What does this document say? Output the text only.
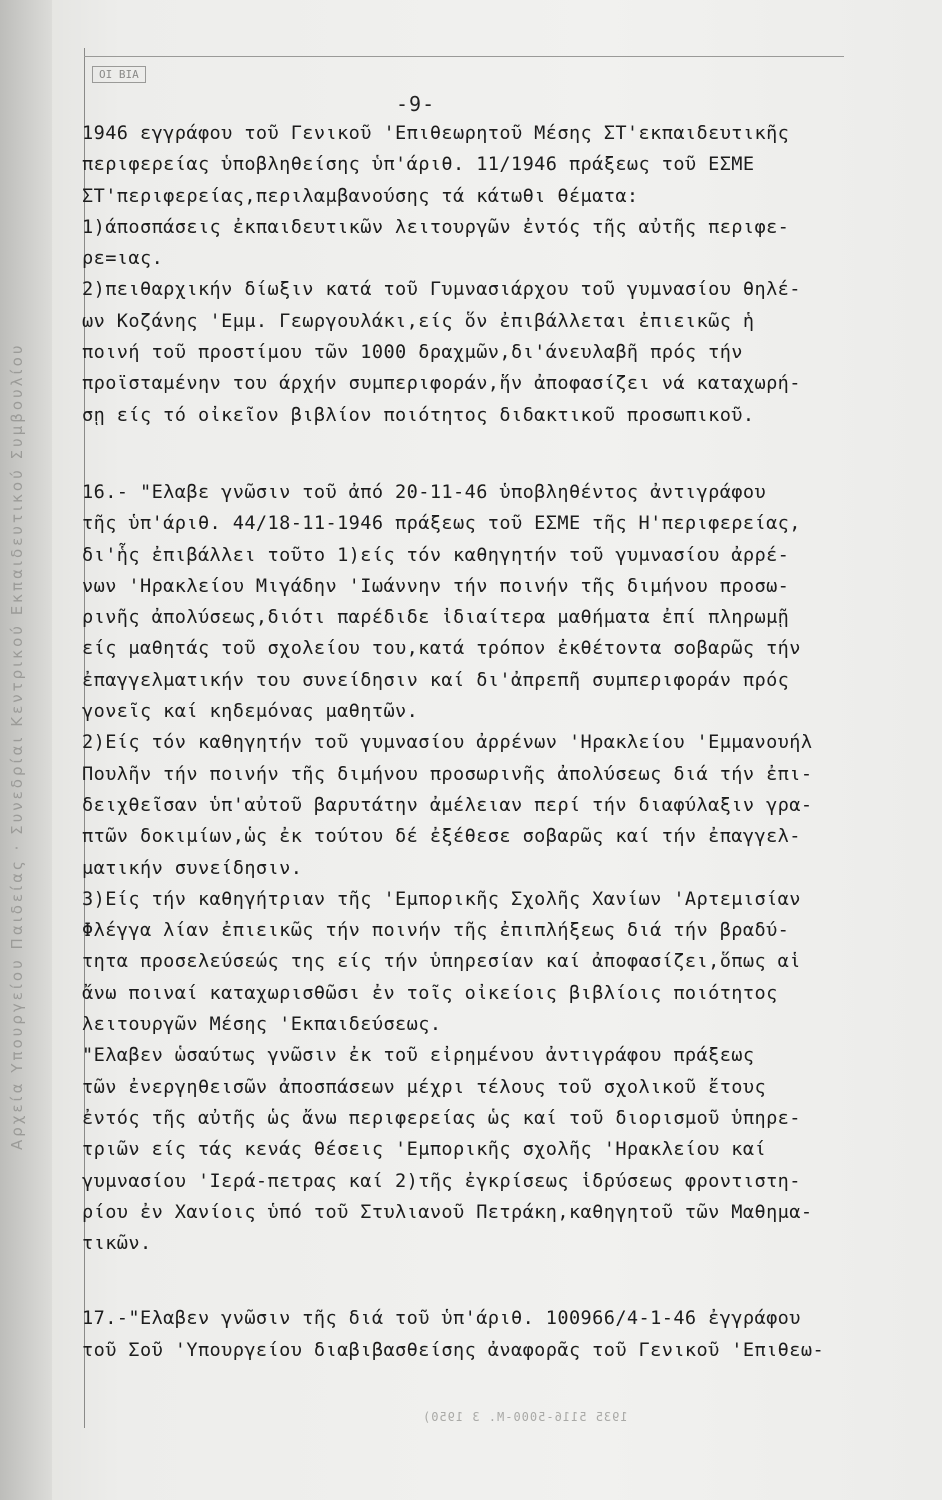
Αρχεία Υπουργείου Παιδείας · Συνεδρίαι Κεντρικού Εκπαιδευτικού Συμβουλίου
ΟΙ ΒΙΑ
-9-
1946 εγγράφου τοῦ Γενικοῦ 'Επιθεωρητοῦ Μέσης ΣΤ'εκπαιδευτικῆς
περιφερείας ὑποβληθείσης ὑπ'άριθ. 11/1946 πράξεως τοῦ ΕΣΜΕ
ΣΤ'περιφερείας,περιλαμβανούσης τά κάτωθι θέματα:
1)άποσπάσεις ἐκπαιδευτικῶν λειτουργῶν ἐντός τῆς αὐτῆς περιφε-
ρε=ιας.
2)πειθαρχικήν δίωξιν κατά τοῦ Γυμνασιάρχου τοῦ γυμνασίου θηλέ-
ων Κοζάνης 'Εμμ. Γεωργουλάκι,είς ὅν ἐπιβάλλεται ἐπιεικῶς ἡ
ποινή τοῦ προστίμου τῶν 1000 δραχμῶν,δι'άνευλαβῆ πρός τήν
προϊσταμένην του άρχήν συμπεριφοράν,ἥν ἀποφασίζει νά καταχωρή-
σῃ είς τό οἰκεῖον βιβλίον ποιότητος διδακτικοῦ προσωπικοῦ.
16.- "Ελαβε γνῶσιν τοῦ ἀπό 20-11-46 ὑποβληθέντος ἀντιγράφου
τῆς ὑπ'άριθ. 44/18-11-1946 πράξεως τοῦ ΕΣΜΕ τῆς Η'περιφερείας,
δι'ἧς ἐπιβάλλει τοῦτο 1)είς τόν καθηγητήν τοῦ γυμνασίου ἀρρέ-
νων 'Ηρακλείου Μιγάδην 'Ιωάννην τήν ποινήν τῆς διμήνου προσω-
ρινῆς ἀπολύσεως,διότι παρέδιδε ἰδιαίτερα μαθήματα ἐπί πληρωμῇ
είς μαθητάς τοῦ σχολείου του,κατά τρόπον ἐκθέτοντα σοβαρῶς τήν
ἐπαγγελματικήν του συνείδησιν καί δι'ἀπρεπῆ συμπεριφοράν πρός
γονεῖς καί κηδεμόνας μαθητῶν.
2)Είς τόν καθηγητήν τοῦ γυμνασίου ἀρρένων 'Ηρακλείου 'Εμμανουήλ
Πουλῆν τήν ποινήν τῆς διμήνου προσωρινῆς ἀπολύσεως διά τήν ἐπι-
δειχθεῖσαν ὑπ'αὐτοῦ βαρυτάτην ἀμέλειαν περί τήν διαφύλαξιν γρα-
πτῶν δοκιμίων,ὡς ἐκ τούτου δέ ἐξέθεσε σοβαρῶς καί τήν ἐπαγγελ-
ματικήν συνείδησιν.
3)Είς τήν καθηγήτριαν τῆς 'Εμπορικῆς Σχολῆς Χανίων 'Αρτεμισίαν
Φλέγγα λίαν ἐπιεικῶς τήν ποινήν τῆς ἐπιπλήξεως διά τήν βραδύ-
τητα προσελεύσεώς της είς τήν ὑπηρεσίαν καί ἀποφασίζει,ὅπως αἱ
ἄνω ποιναί καταχωρισθῶσι ἐν τοῖς οἰκείοις βιβλίοις ποιότητος
λειτουργῶν Μέσης 'Εκπαιδεύσεως.
"Ελαβεν ὡσαύτως γνῶσιν ἐκ τοῦ εἰρημένου ἀντιγράφου πράξεως
τῶν ἐνεργηθεισῶν ἀποσπάσεων μέχρι τέλους τοῦ σχολικοῦ ἔτους
ἐντός τῆς αὐτῆς ὡς ἄνω περιφερείας ὡς καί τοῦ διορισμοῦ ὑπηρε-
τριῶν είς τάς κενάς θέσεις 'Εμπορικῆς σχολῆς 'Ηρακλείου καί
γυμνασίου 'Ιερά-πετρας καί 2)τῆς ἐγκρίσεως ἱδρύσεως φροντιστη-
ρίου ἐν Χανίοις ὑπό τοῦ Στυλιανοῦ Πετράκη,καθηγητοῦ τῶν Μαθημα-
τικῶν.
17.-"Ελαβεν γνῶσιν τῆς διά τοῦ ὑπ'άριθ. 100966/4-1-46 ἐγγράφου
τοῦ Σοῦ 'Υπουργείου διαβιβασθείσης ἀναφορᾶς τοῦ Γενικοῦ 'Επιθεω-
1935 5116-5000-M. 3 1950)
